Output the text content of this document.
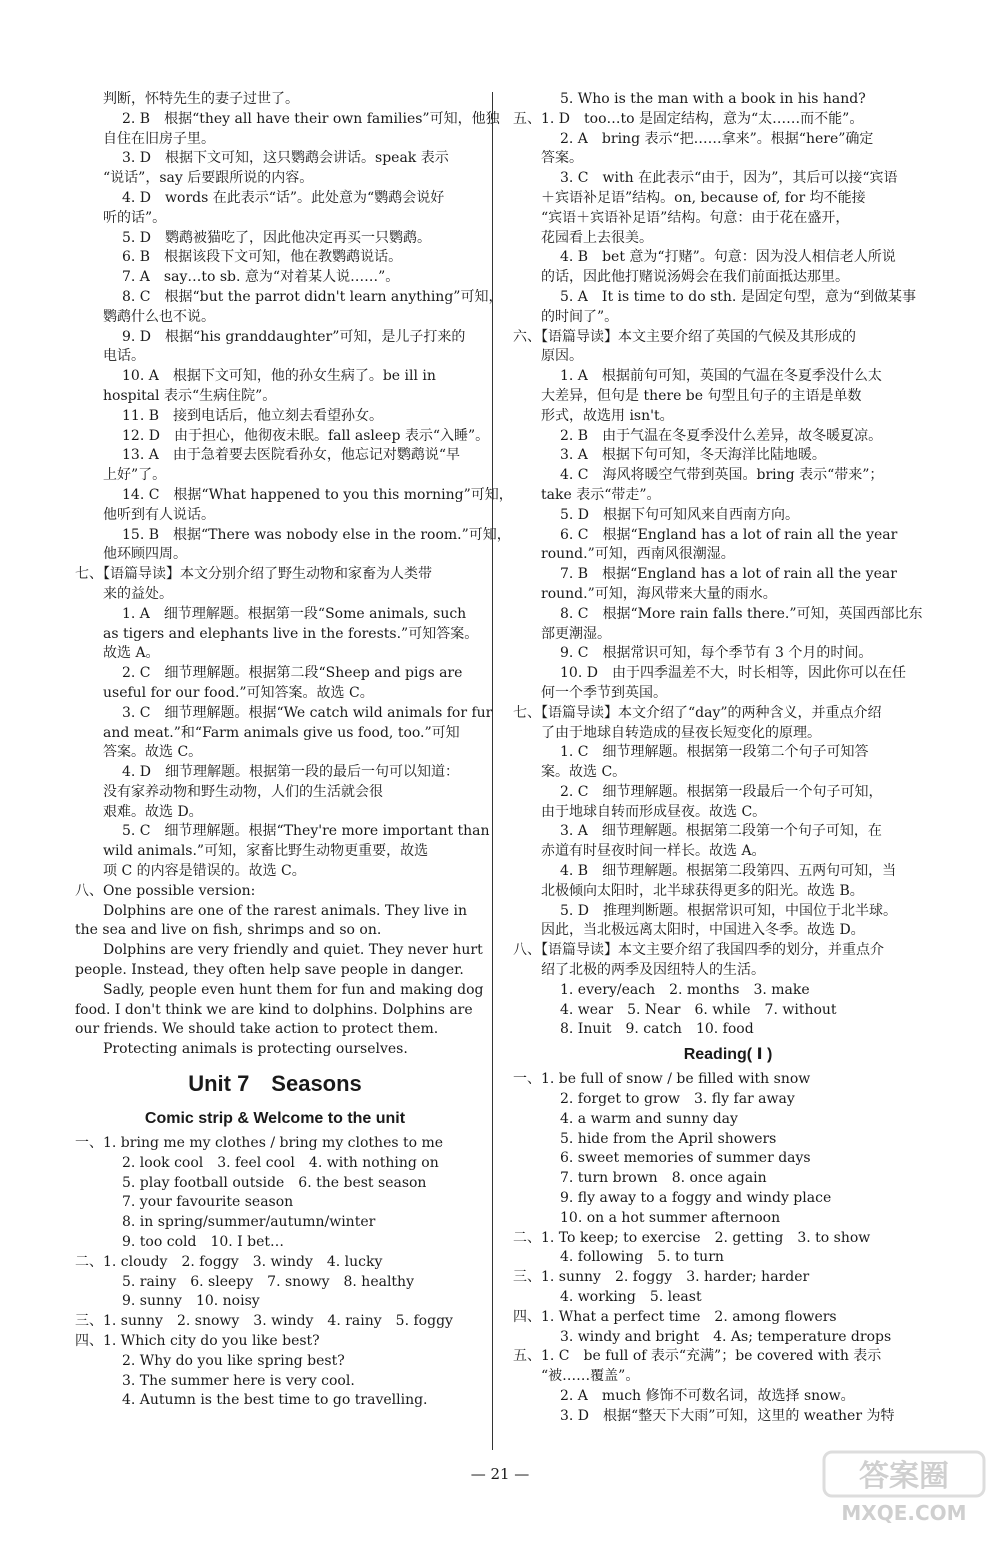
判断，怀特先生的妻子过世了。
2. B　根据“they all have their own families”可知，他独
自住在旧房子里。
3. D　根据下文可知，这只鹦鹉会讲话。speak 表示
“说话”，say 后要跟所说的内容。
4. D　words 在此表示“话”。此处意为“鹦鹉会说好
听的话”。
5. D　鹦鹉被猫吃了，因此他决定再买一只鹦鹉。
6. B　根据该段下文可知，他在教鹦鹉说话。
7. A　say…to sb. 意为“对着某人说……”。
8. C　根据“but the parrot didn't learn anything”可知，
鹦鹉什么也不说。
9. D　根据“his granddaughter”可知，是儿子打来的
电话。
10. A　根据下文可知，他的孙女生病了。be ill in
hospital 表示“生病住院”。
11. B　接到电话后，他立刻去看望孙女。
12. D　由于担心，他彻夜未眠。fall asleep 表示“入睡”。
13. A　由于急着要去医院看孙女，他忘记对鹦鹉说“早
上好”了。
14. C　根据“What happened to you this morning”可知，
他听到有人说话。
15. B　根据“There was nobody else in the room.”可知，
他环顾四周。
七、【语篇导读】本文分别介绍了野生动物和家畜为人类带
来的益处。
1. A　细节理解题。根据第一段“Some animals, such
as tigers and elephants live in the forests.”可知答案。
故选 A。
2. C　细节理解题。根据第二段“Sheep and pigs are
useful for our food.”可知答案。故选 C。
3. C　细节理解题。根据“We catch wild animals for fur
and meat.”和“Farm animals give us food, too.”可知
答案。故选 C。
4. D　细节理解题。根据第一段的最后一句可以知道：
没有家养动物和野生动物，人们的生活就会很
艰难。故选 D。
5. C　细节理解题。根据“They're more important than
wild animals.”可知，家畜比野生动物更重要，故选
项 C 的内容是错误的。故选 C。
八、One possible version:
Dolphins are one of the rarest animals. They live in
the sea and live on fish, shrimps and so on.
Dolphins are very friendly and quiet. They never hurt
people. Instead, they often help save people in danger.
Sadly, people even hunt them for fun and making dog
food. I don't think we are kind to dolphins. Dolphins are
our friends. We should take action to protect them.
Protecting animals is protecting ourselves.
Unit 7　Seasons
Comic strip & Welcome to the unit
一、1. bring me my clothes / bring my clothes to me
2. look cool　3. feel cool　4. with nothing on
5. play football outside　6. the best season
7. your favourite season
8. in spring/summer/autumn/winter
9. too cold　10. I bet…
二、1. cloudy　2. foggy　3. windy　4. lucky
5. rainy　6. sleepy　7. snowy　8. healthy
9. sunny　10. noisy
三、1. sunny　2. snowy　3. windy　4. rainy　5. foggy
四、1. Which city do you like best?
2. Why do you like spring best?
3. The summer here is very cool.
4. Autumn is the best time to go travelling.
5. Who is the man with a book in his hand?
五、1. D　too…to 是固定结构，意为“太……而不能”。
2. A　bring 表示“把……拿来”。根据“here”确定
答案。
3. C　with 在此表示“由于，因为”，其后可以接“宾语
＋宾语补足语”结构。on, because of, for 均不能接
“宾语＋宾语补足语”结构。句意：由于花在盛开，
花园看上去很美。
4. B　bet 意为“打赌”。句意：因为没人相信老人所说
的话，因此他打赌说汤姆会在我们前面抵达那里。
5. A　It is time to do sth. 是固定句型，意为“到做某事
的时间了”。
六、【语篇导读】本文主要介绍了英国的气候及其形成的
原因。
1. A　根据前句可知，英国的气温在冬夏季没什么太
大差异，但句是 there be 句型且句子的主语是单数
形式，故选用 isn't。
2. B　由于气温在冬夏季没什么差异，故冬暖夏凉。
3. A　根据下句可知，冬天海洋比陆地暖。
4. C　海风将暖空气带到英国。bring 表示“带来”；
take 表示“带走”。
5. D　根据下句可知风来自西南方向。
6. C　根据“England has a lot of rain all the year
round.”可知，西南风很潮湿。
7. B　根据“England has a lot of rain all the year
round.”可知，海风带来大量的雨水。
8. C　根据“More rain falls there.”可知，英国西部比东
部更潮湿。
9. C　根据常识可知，每个季节有 3 个月的时间。
10. D　由于四季温差不大，时长相等，因此你可以在任
何一个季节到英国。
七、【语篇导读】本文介绍了“day”的两种含义，并重点介绍
了由于地球自转造成的昼夜长短变化的原理。
1. C　细节理解题。根据第一段第二个句子可知答
案。故选 C。
2. C　细节理解题。根据第一段最后一个句子可知，
由于地球自转而形成昼夜。故选 C。
3. A　细节理解题。根据第二段第一个句子可知，在
赤道有时昼夜时间一样长。故选 A。
4. B　细节理解题。根据第二段第四、五两句可知，当
北极倾向太阳时，北半球获得更多的阳光。故选 B。
5. D　推理判断题。根据常识可知，中国位于北半球。
因此，当北极远离太阳时，中国进入冬季。故选 D。
八、【语篇导读】本文主要介绍了我国四季的划分，并重点介
绍了北极的两季及因纽特人的生活。
1. every/each　2. months　3. make
4. wear　5. Near　6. while　7. without
8. Inuit　9. catch　10. food
Reading( Ⅰ )
一、1. be full of snow / be filled with snow
2. forget to grow　3. fly far away
4. a warm and sunny day
5. hide from the April showers
6. sweet memories of summer days
7. turn brown　8. once again
9. fly away to a foggy and windy place
10. on a hot summer afternoon
二、1. To keep; to exercise　2. getting　3. to show
4. following　5. to turn
三、1. sunny　2. foggy　3. harder; harder
4. working　5. least
四、1. What a perfect time　2. among flowers
3. windy and bright　4. As; temperature drops
五、1. C　be full of 表示“充满”；be covered with 表示
“被……覆盖”。
2. A　much 修饰不可数名词，故选择 snow。
3. D　根据“整天下大雨”可知，这里的 weather 为特
— 21 —	答案圈
MXQE.COM
